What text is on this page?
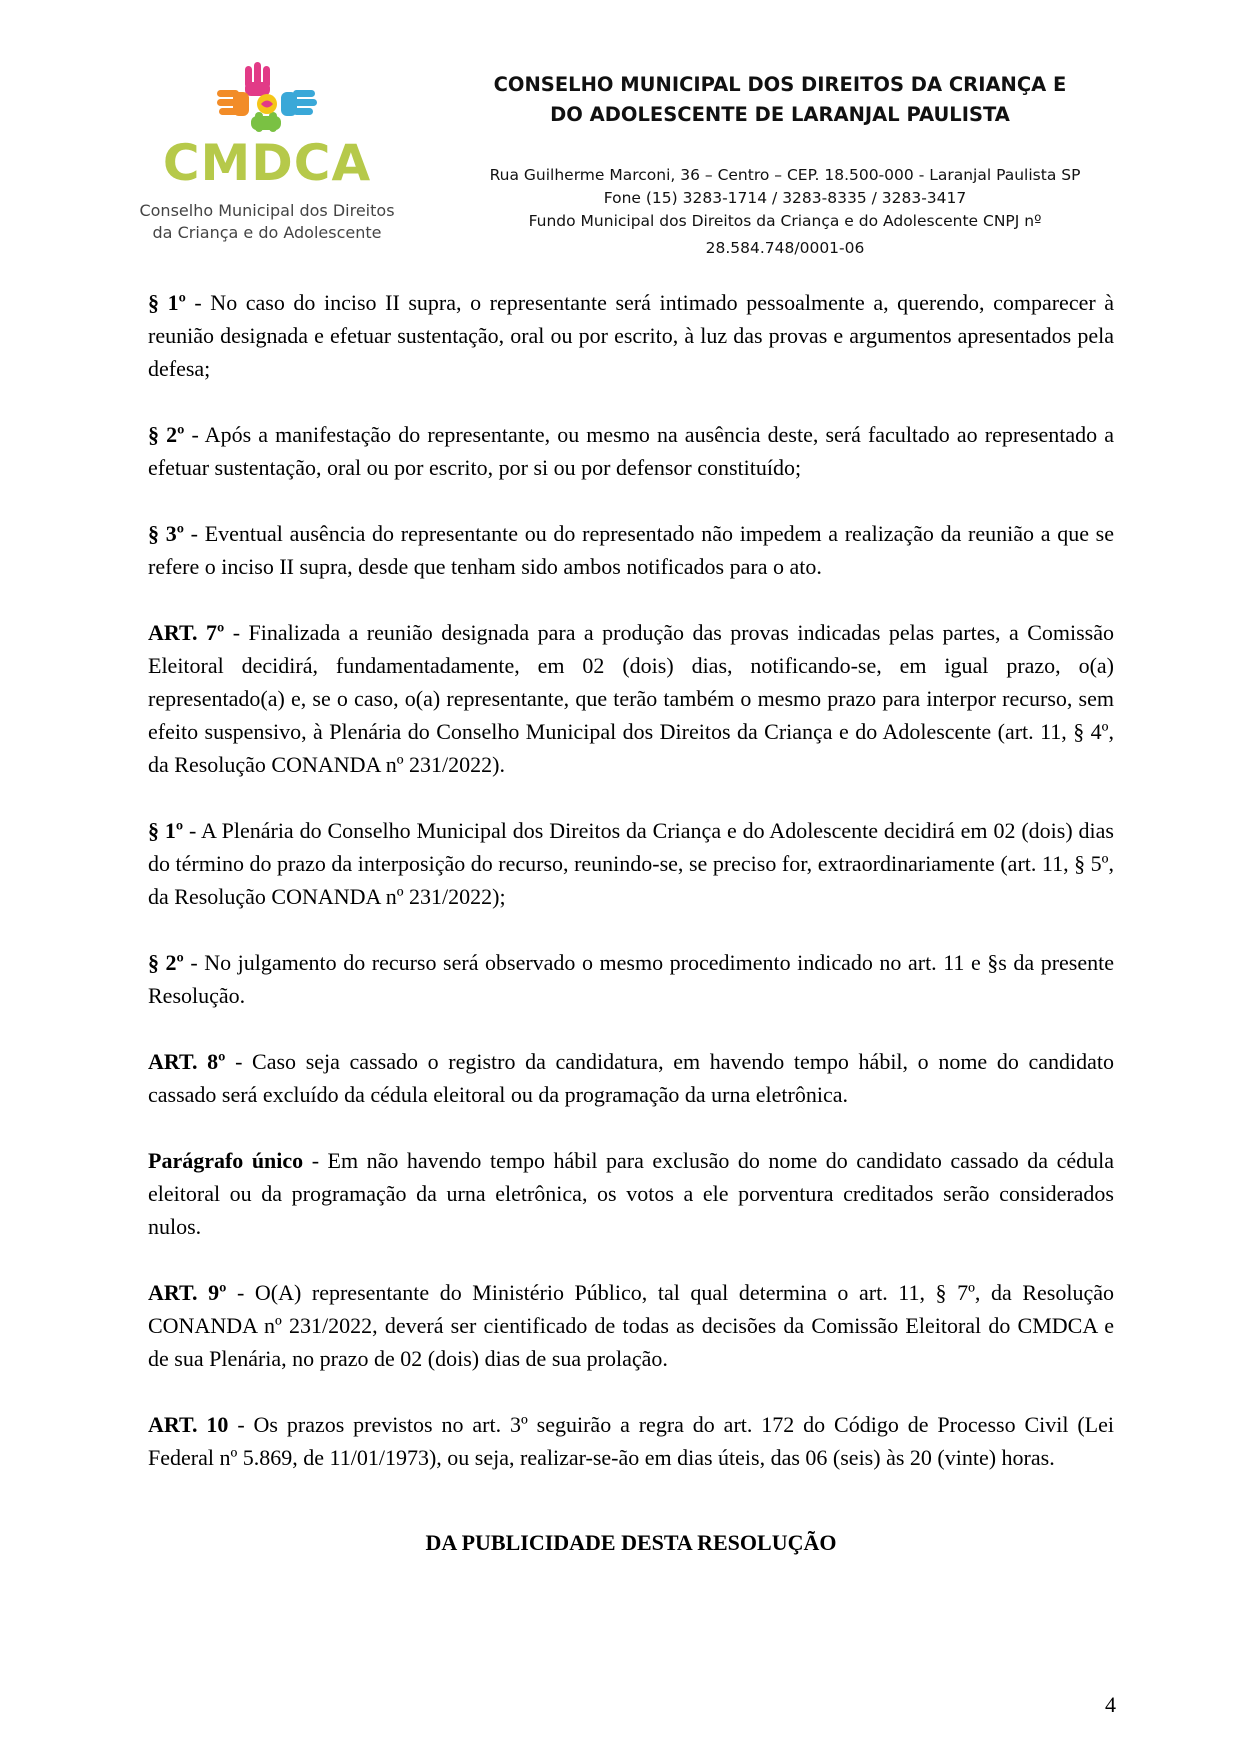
CMDCA
Conselho Municipal dos Direitos
da Criança e do Adolescente
CONSELHO MUNICIPAL DOS DIREITOS DA CRIANÇA E
DO ADOLESCENTE DE LARANJAL PAULISTA
Rua Guilherme Marconi, 36 – Centro – CEP. 18.500-000 - Laranjal Paulista SP
Fone (15) 3283-1714 / 3283-8335 / 3283-3417
Fundo Municipal dos Direitos da Criança e do Adolescente CNPJ nº
28.584.748/0001-06

§ 1º - No caso do inciso II supra, o representante será intimado pessoalmente a, querendo, comparecer à reunião designada e efetuar sustentação, oral ou por escrito, à luz das provas e argumentos apresentados pela defesa;

§ 2º - Após a manifestação do representante, ou mesmo na ausência deste, será facultado ao representado a efetuar sustentação, oral ou por escrito, por si ou por defensor constituído;

§ 3º - Eventual ausência do representante ou do representado não impedem a realização da reunião a que se refere o inciso II supra, desde que tenham sido ambos notificados para o ato.

ART. 7º - Finalizada a reunião designada para a produção das provas indicadas pelas partes, a Comissão Eleitoral decidirá, fundamentadamente, em 02 (dois) dias, notificando-se, em igual prazo, o(a) representado(a) e, se o caso, o(a) representante, que terão também o mesmo prazo para interpor recurso, sem efeito suspensivo, à Plenária do Conselho Municipal dos Direitos da Criança e do Adolescente (art. 11, § 4º, da Resolução CONANDA nº 231/2022).

§ 1º - A Plenária do Conselho Municipal dos Direitos da Criança e do Adolescente decidirá em 02 (dois) dias do término do prazo da interposição do recurso, reunindo-se, se preciso for, extraordinariamente (art. 11, § 5º, da Resolução CONANDA nº 231/2022);

§ 2º - No julgamento do recurso será observado o mesmo procedimento indicado no art. 11 e §s da presente Resolução.

ART. 8º - Caso seja cassado o registro da candidatura, em havendo tempo hábil, o nome do candidato cassado será excluído da cédula eleitoral ou da programação da urna eletrônica.

Parágrafo único - Em não havendo tempo hábil para exclusão do nome do candidato cassado da cédula eleitoral ou da programação da urna eletrônica, os votos a ele porventura creditados serão considerados nulos.

ART. 9º - O(A) representante do Ministério Público, tal qual determina o art. 11, § 7º, da Resolução CONANDA nº 231/2022, deverá ser cientificado de todas as decisões da Comissão Eleitoral do CMDCA e de sua Plenária, no prazo de 02 (dois) dias de sua prolação.

ART. 10 - Os prazos previstos no art. 3º seguirão a regra do art. 172 do Código de Processo Civil (Lei Federal nº 5.869, de 11/01/1973), ou seja, realizar-se-ão em dias úteis, das 06 (seis) às 20 (vinte) horas.

DA PUBLICIDADE DESTA RESOLUÇÃO
4
